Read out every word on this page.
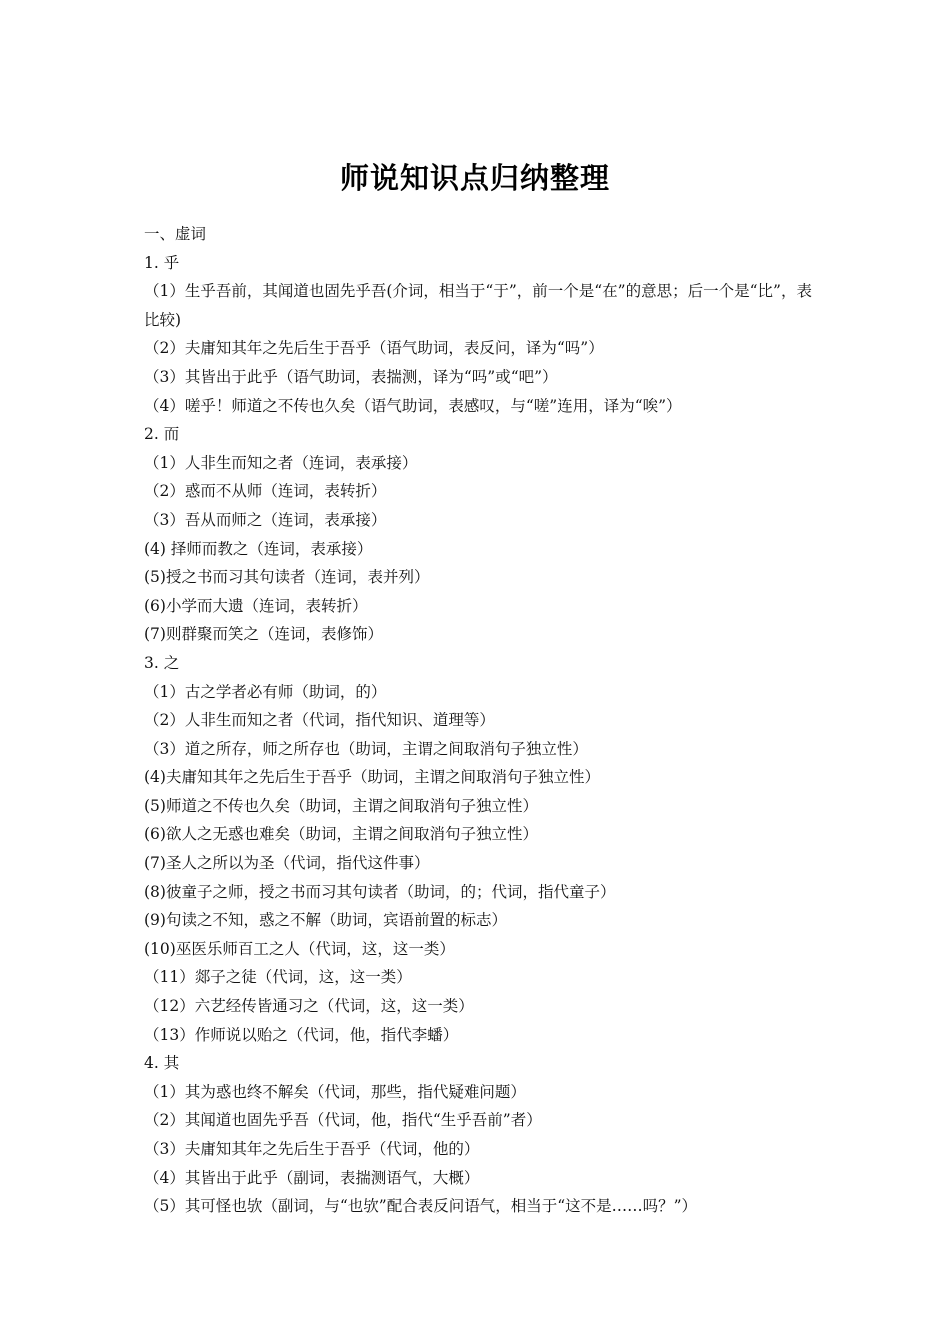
师说知识点归纳整理
一、虚词
1. 乎
（1）生乎吾前，其闻道也固先乎吾(介词，相当于“于”，前一个是“在”的意思；后一个是“比”，表比较)
（2）夫庸知其年之先后生于吾乎（语气助词，表反问，译为“吗”）
（3）其皆出于此乎（语气助词，表揣测，译为“吗”或“吧”）
（4）嗟乎！师道之不传也久矣（语气助词，表感叹，与“嗟”连用，译为“唉”）
2. 而
（1）人非生而知之者（连词，表承接）
（2）惑而不从师（连词，表转折）
（3）吾从而师之（连词，表承接）
(4) 择师而教之（连词，表承接）
(5)授之书而习其句读者（连词，表并列）
(6)小学而大遗（连词，表转折）
(7)则群聚而笑之（连词，表修饰）
3. 之
（1）古之学者必有师（助词，的）
（2）人非生而知之者（代词，指代知识、道理等）
（3）道之所存，师之所存也（助词，主谓之间取消句子独立性）
(4)夫庸知其年之先后生于吾乎（助词，主谓之间取消句子独立性）
(5)师道之不传也久矣（助词，主谓之间取消句子独立性）
(6)欲人之无惑也难矣（助词，主谓之间取消句子独立性）
(7)圣人之所以为圣（代词，指代这件事）
(8)彼童子之师，授之书而习其句读者（助词，的；代词，指代童子）
(9)句读之不知，惑之不解（助词，宾语前置的标志）
(10)巫医乐师百工之人（代词，这，这一类）
（11）郯子之徒（代词，这，这一类）
（12）六艺经传皆通习之（代词，这，这一类）
（13）作师说以贻之（代词，他，指代李蟠）
4. 其
（1）其为惑也终不解矣（代词，那些，指代疑难问题）
（2）其闻道也固先乎吾（代词，他，指代“生乎吾前”者）
（3）夫庸知其年之先后生于吾乎（代词，他的）
（4）其皆出于此乎（副词，表揣测语气，大概）
（5）其可怪也欤（副词，与“也欤”配合表反问语气，相当于“这不是……吗？”）
